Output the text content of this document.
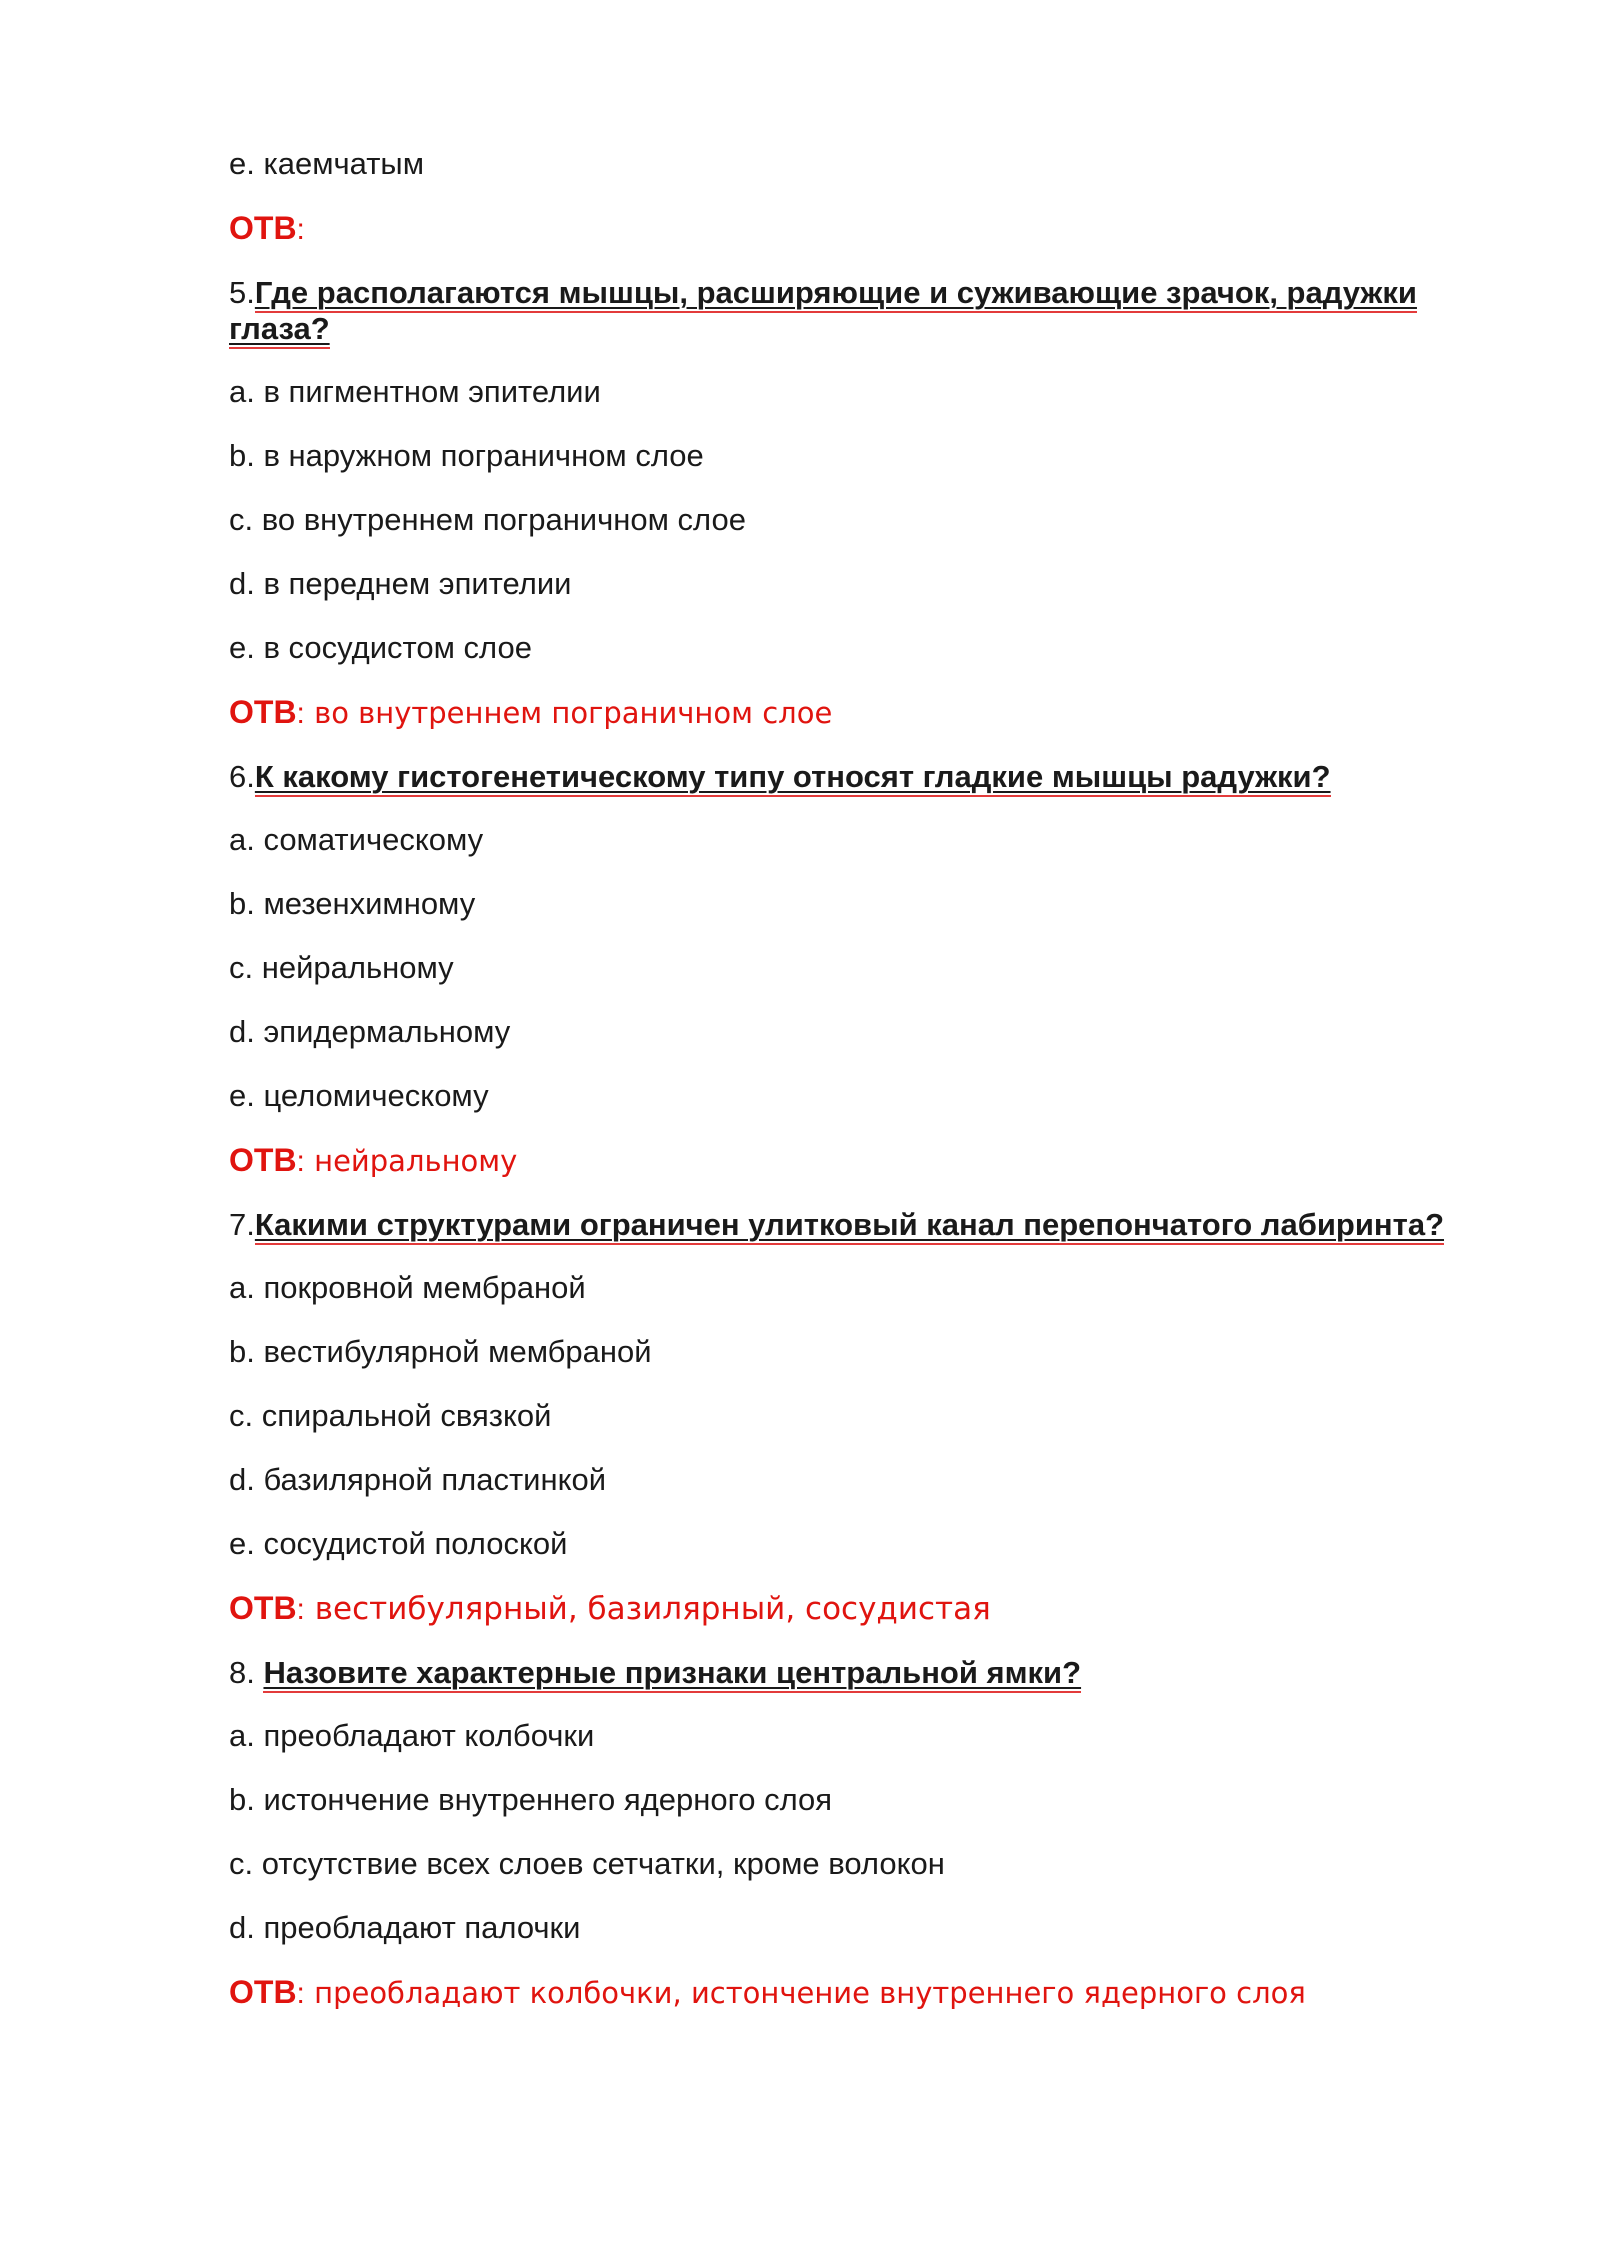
e. каемчатым
ОТВ:
5.Где располагаются мышцы, расширяющие и суживающие зрачок, радужки глаза?
a. в пигментном эпителии
b. в наружном пограничном слое
c. во внутреннем пограничном слое
d. в переднем эпителии
e. в сосудистом слое
ОТВ: во внутреннем пограничном слое
6.К какому гистогенетическому типу относят гладкие мышцы радужки?
a. соматическому
b. мезенхимному
c. нейральному
d. эпидермальному
e. целомическому
ОТВ: нейральному
7.Какими структурами ограничен улитковый канал перепончатого лабиринта?
a. покровной мембраной
b. вестибулярной мембраной
c. спиральной связкой
d. базилярной пластинкой
e. сосудистой полоской
ОТВ: вестибулярный, базилярный, сосудистая
8. Назовите характерные признаки центральной ямки?
a. преобладают колбочки
b. истончение внутреннего ядерного слоя
c. отсутствие всех слоев сетчатки, кроме волокон
d. преобладают палочки
ОТВ: преобладают колбочки, истончение внутреннего ядерного слоя
